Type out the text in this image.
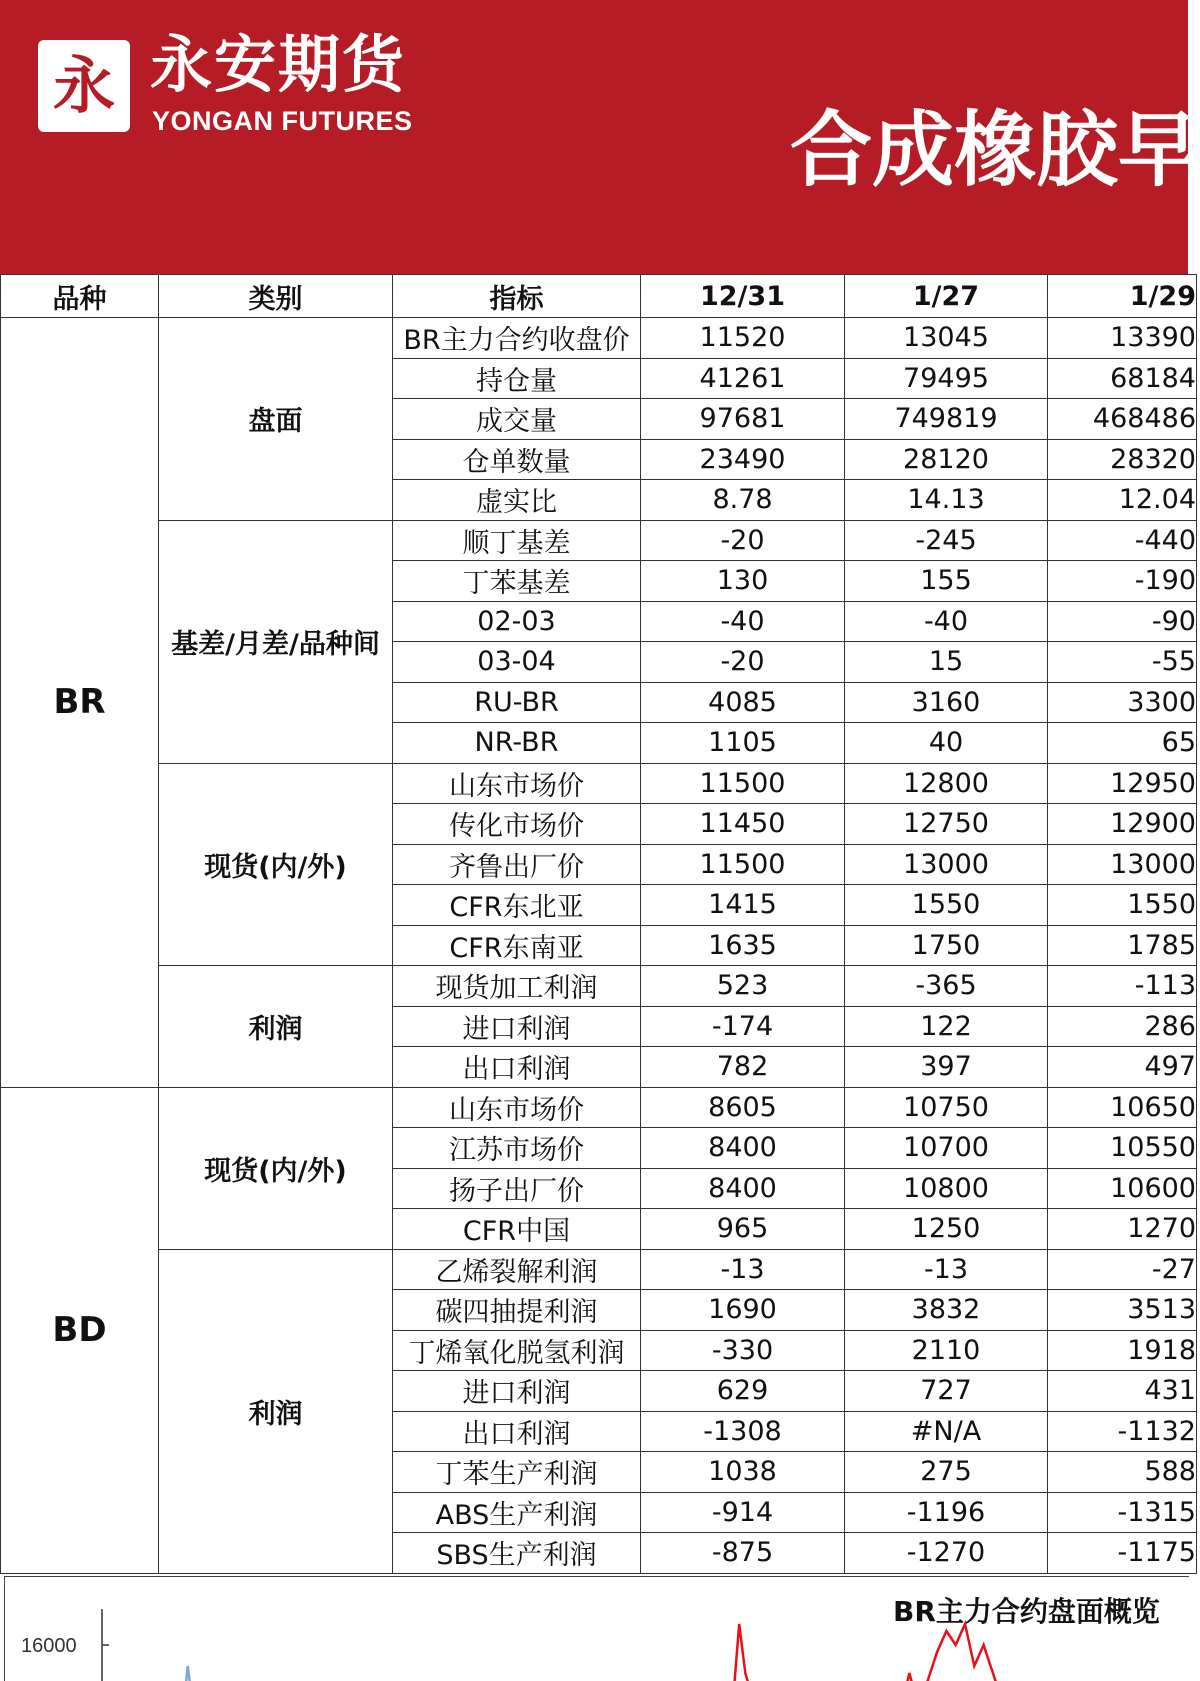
永 永安期货
YONGAN FUTURES	合成橡胶早
品种	类别	指标	12/31	1/27	1/29
BR	盘面	BR主力合约收盘价	11520	13045	13390
		持仓量	41261	79495	68184
		成交量	97681	749819	468486
		仓单数量	23490	28120	28320
		虚实比	8.78	14.13	12.04
	基差/月差/品种间	顺丁基差	-20	-245	-440
		丁苯基差	130	155	-190
		02-03	-40	-40	-90
		03-04	-20	15	-55
		RU-BR	4085	3160	3300
		NR-BR	1105	40	65
	现货(内/外)	山东市场价	11500	12800	12950
		传化市场价	11450	12750	12900
		齐鲁出厂价	11500	13000	13000
		CFR东北亚	1415	1550	1550
		CFR东南亚	1635	1750	1785
	利润	现货加工利润	523	-365	-113
		进口利润	-174	122	286
		出口利润	782	397	497
BD	现货(内/外)	山东市场价	8605	10750	10650
		江苏市场价	8400	10700	10550
		扬子出厂价	8400	10800	10600
		CFR中国	965	1250	1270
	利润	乙烯裂解利润	-13	-13	-27
		碳四抽提利润	1690	3832	3513
		丁烯氧化脱氢利润	-330	2110	1918
		进口利润	629	727	431
		出口利润	-1308	#N/A	-1132
		丁苯生产利润	1038	275	588
		ABS生产利润	-914	-1196	-1315
		SBS生产利润	-875	-1270	-1175
16000
BR主力合约盘面概览
